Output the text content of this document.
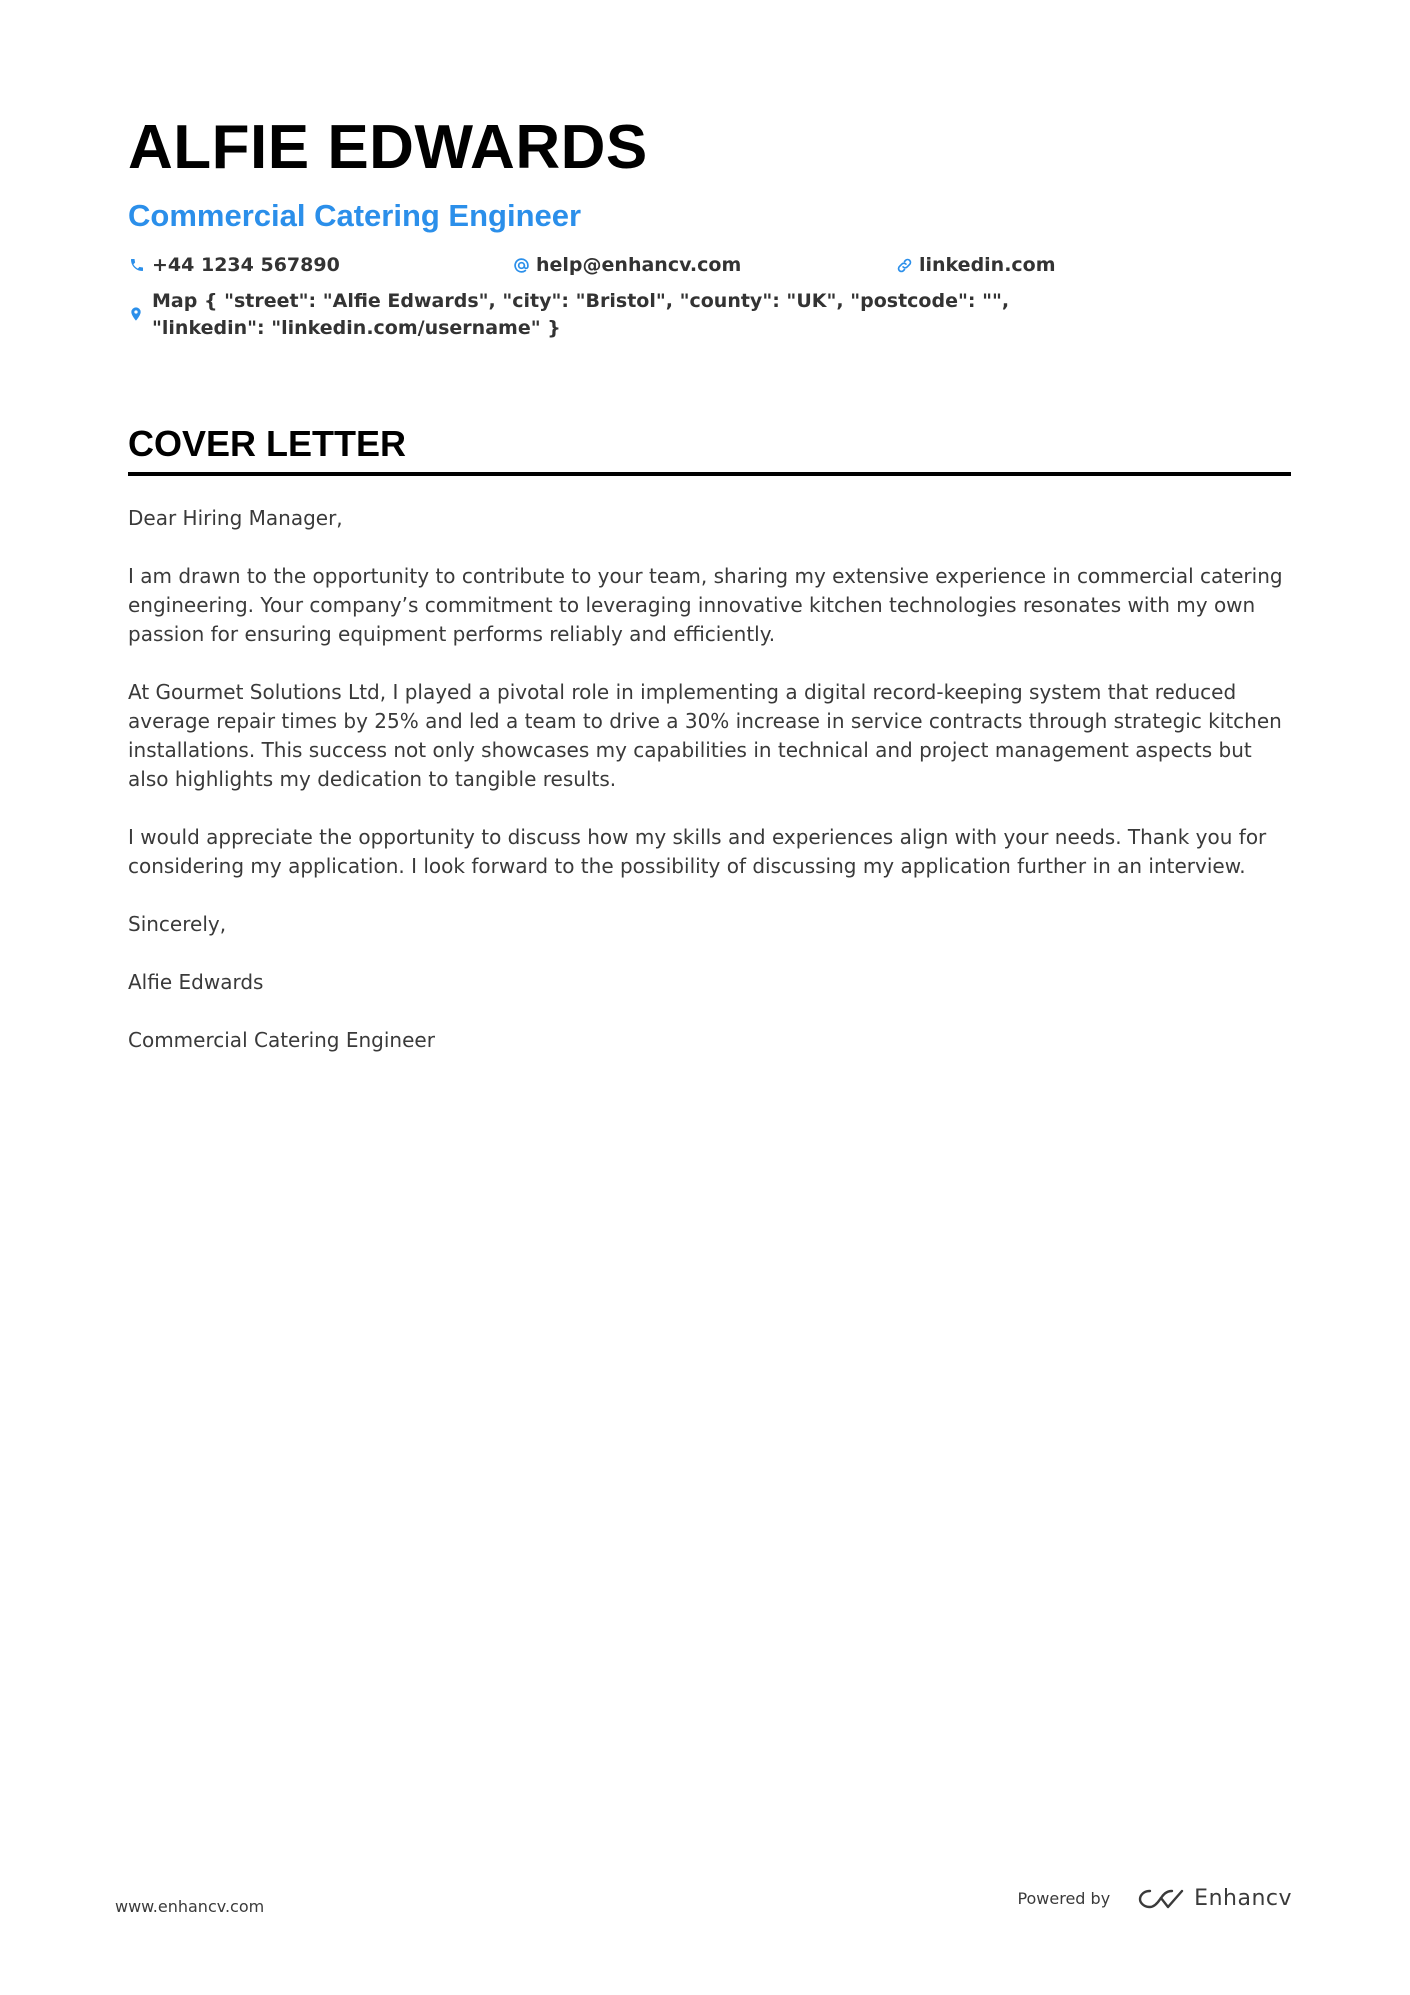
ALFIE EDWARDS
Commercial Catering Engineer
+44 1234 567890	help@enhancv.com	linkedin.com
Map { "street": "Alfie Edwards", "city": "Bristol", "county": "UK", "postcode": "", "linkedin": "linkedin.com/username" }
COVER LETTER

Dear Hiring Manager,

I am drawn to the opportunity to contribute to your team, sharing my extensive experience in commercial catering engineering. Your company’s commitment to leveraging innovative kitchen technologies resonates with my own passion for ensuring equipment performs reliably and efficiently.

At Gourmet Solutions Ltd, I played a pivotal role in implementing a digital record-keeping system that reduced average repair times by 25% and led a team to drive a 30% increase in service contracts through strategic kitchen installations. This success not only showcases my capabilities in technical and project management aspects but also highlights my dedication to tangible results.

I would appreciate the opportunity to discuss how my skills and experiences align with your needs. Thank you for considering my application. I look forward to the possibility of discussing my application further in an interview.

Sincerely,

Alfie Edwards

Commercial Catering Engineer

www.enhancv.com	Powered by	Enhancv
